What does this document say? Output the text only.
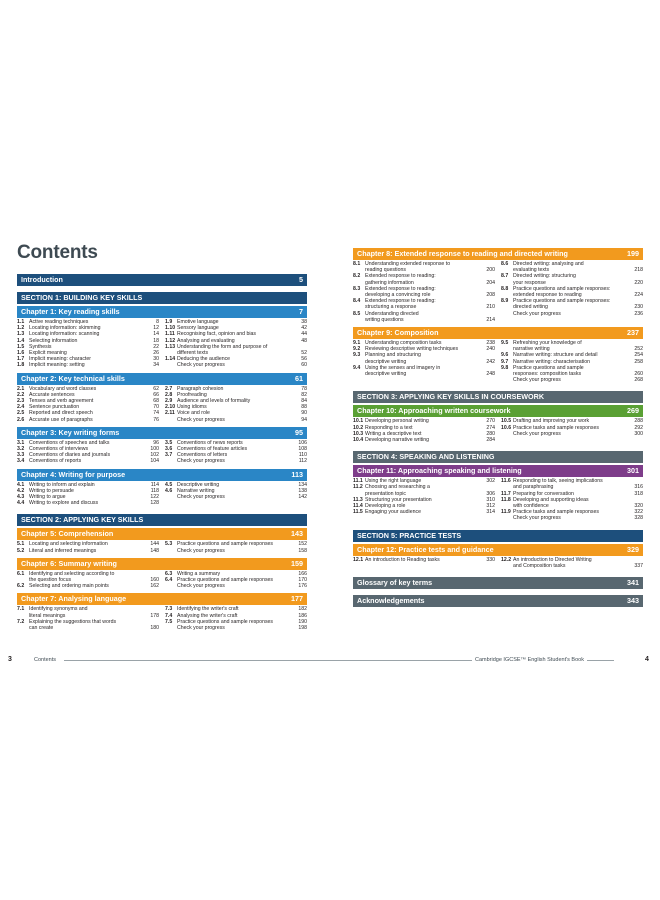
Contents
Introduction	5
SECTION 1: BUILDING KEY SKILLS
Chapter 1: Key reading skills	7
1.1 Active reading techniques	8 1.9 Emotive language	38
1.2 Locating information: skimming	12 1.10 Sensory language	42
1.3 Locating information: scanning	14 1.11 Recognising fact, opinion and bias	44
1.4 Selecting information	18 1.12 Analysing and evaluating	48
1.5 Synthesis	22 1.13 Understanding the form and purpose of
1.6 Explicit meaning	26	different texts	52
1.7 Implicit meaning: character	30 1.14 Deducing the audience	56
1.8 Implicit meaning: setting	34	Check your progress	60
Chapter 2: Key technical skills	61
2.1 Vocabulary and word classes	62 2.7 Paragraph cohesion	78
2.2 Accurate sentences	66 2.8 Proofreading	82
2.3 Tenses and verb agreement	68 2.9 Audience and levels of formality	84
2.4 Sentence punctuation	70 2.10 Using idioms	88
2.5 Reported and direct speech	74 2.11 Voice and role	90
2.6 Accurate use of paragraphs	76	Check your progress	94
Chapter 3: Key writing forms	95
3.1 Conventions of speeches and talks	96 3.5 Conventions of news reports	106
3.2 Conventions of interviews	100 3.6 Conventions of feature articles	108
3.3 Conventions of diaries and journals	102 3.7 Conventions of letters	110
3.4 Conventions of reports	104	Check your progress	112
Chapter 4: Writing for purpose	113
4.1 Writing to inform and explain	114 4.5 Descriptive writing	134
4.2 Writing to persuade	118 4.6 Narrative writing	138
4.3 Writing to argue	122	Check your progress	142
4.4 Writing to explore and discuss	128
SECTION 2: APPLYING KEY SKILLS
Chapter 5: Comprehension	143
5.1 Locating and selecting information	144 5.3 Practice questions and sample responses	152
5.2 Literal and inferred meanings	148	Check your progress	158
Chapter 6: Summary writing	159
6.1 Identifying and selecting according to	6.3 Writing a summary	166
the question focus	160 6.4 Practice questions and sample responses	170
6.2 Selecting and ordering main points	162	Check your progress	176
Chapter 7: Analysing language	177
7.1 Identifying synonyms and	7.3 Identifying the writer's craft	182
literal meanings	178 7.4 Analysing the writer's craft	186
7.2 Explaining the suggestions that words	7.5 Practice questions and sample responses	190
can create	180	Check your progress	198
Chapter 8: Extended response to reading and directed writing	199
8.1 Understanding extended response to	8.6 Directed writing: analysing and
reading questions	200	evaluating texts	218
8.2 Extended response to reading:	8.7 Directed writing: structuring
gathering information	204	your response	220
8.3 Extended response to reading:	8.8 Practice questions and sample responses:
developing a convincing role	208	extended response to reading	224
8.4 Extended response to reading:	8.9 Practice questions and sample responses:
structuring a response	210	directed writing	230
8.5 Understanding directed	Check your progress	236
writing questions	214
Chapter 9: Composition	237
9.1 Understanding composition tasks	238 9.5 Refreshing your knowledge of
9.2 Reviewing descriptive writing techniques	240	narrative writing	252
9.3 Planning and structuring	9.6 Narrative writing: structure and detail	254
descriptive writing	242 9.7 Narrative writing: characterisation	258
9.4 Using the senses and imagery in	9.8 Practice questions and sample
descriptive writing	248	responses: composition tasks	260
Check your progress	268
SECTION 3: APPLYING KEY SKILLS IN COURSEWORK
Chapter 10: Approaching written coursework	269
10.1 Developing personal writing	270 10.5 Drafting and improving your work	288
10.2 Responding to a text	274 10.6 Practice tasks and sample responses	292
10.3 Writing a descriptive text	280	Check your progress	300
10.4 Developing narrative writing	284
SECTION 4: SPEAKING AND LISTENING
Chapter 11: Approaching speaking and listening	301
11.1 Using the right language	302 11.6 Responding to talk, seeing implications
11.2 Choosing and researching a	and paraphrasing	316
presentation topic	306 11.7 Preparing for conversation	318
11.3 Structuring your presentation	310 11.8 Developing and supporting ideas
11.4 Developing a role	312	with confidence	320
11.5 Engaging your audience	314 11.9 Practice tasks and sample responses	322
Check your progress	328
SECTION 5: PRACTICE TESTS
Chapter 12: Practice tests and guidance	329
12.1 An introduction to Reading tasks	330 12.2 An introduction to Directed Writing
and Composition tasks	337
Glossary of key terms	341
Acknowledgements	343
3	Contents	Cambridge IGCSE™ English Student's Book	4
